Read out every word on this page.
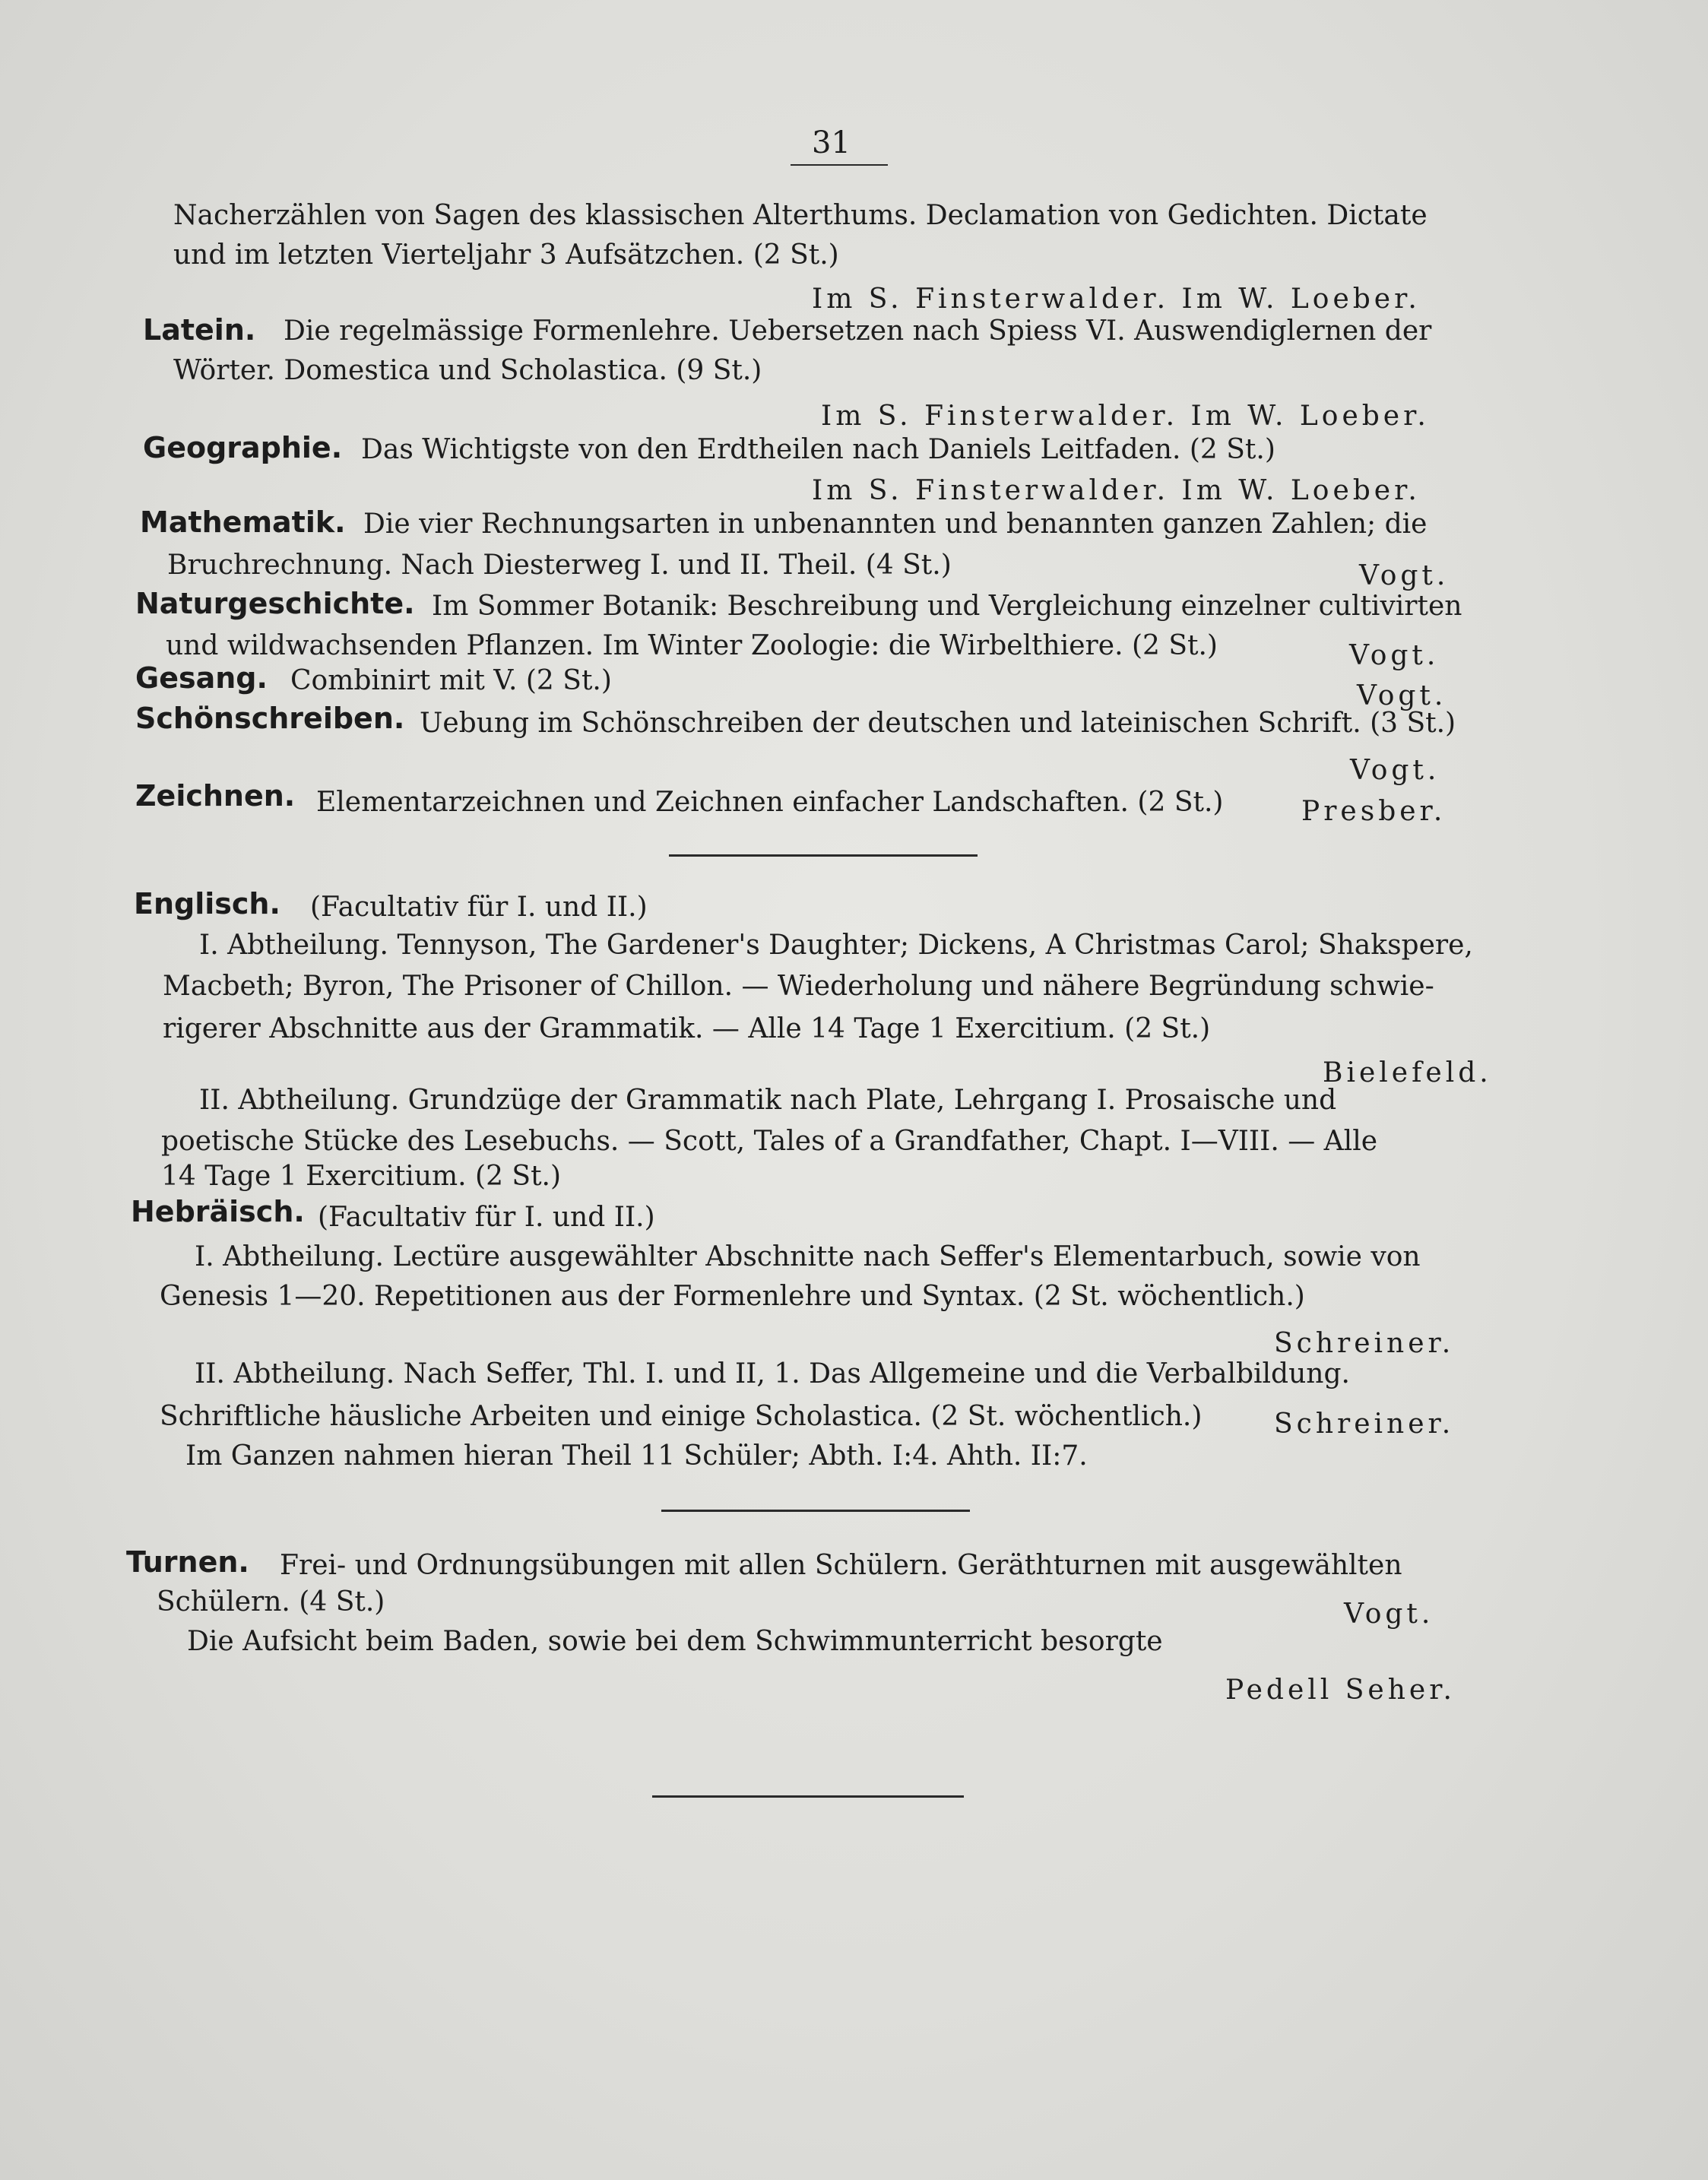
31
Nacherzählen von Sagen des klassischen Alterthums. Declamation von Gedichten. Dictate
und im letzten Vierteljahr 3 Aufsätzchen. (2 St.)
Im S. Finsterwalder. Im W. Loeber.
Latein. Die regelmässige Formenlehre. Uebersetzen nach Spiess VI. Auswendiglernen der
Wörter. Domestica und Scholastica. (9 St.)
Im S. Finsterwalder. Im W. Loeber.
Geographie. Das Wichtigste von den Erdtheilen nach Daniels Leitfaden. (2 St.)
Im S. Finsterwalder. Im W. Loeber.
Mathematik. Die vier Rechnungsarten in unbenannten und benannten ganzen Zahlen; die
Bruchrechnung. Nach Diesterweg I. und II. Theil. (4 St.)	Vogt.
Naturgeschichte. Im Sommer Botanik: Beschreibung und Vergleichung einzelner cultivirten
und wildwachsenden Pflanzen. Im Winter Zoologie: die Wirbelthiere. (2 St.)	Vogt.
Gesang. Combinirt mit V. (2 St.)	Vogt.
Schönschreiben. Uebung im Schönschreiben der deutschen und lateinischen Schrift. (3 St.)
Vogt.
Zeichnen. Elementarzeichnen und Zeichnen einfacher Landschaften. (2 St.)	Presber.
Englisch. (Facultativ für I. und II.)
I. Abtheilung. Tennyson, The Gardener's Daughter; Dickens, A Christmas Carol; Shakspere,
Macbeth; Byron, The Prisoner of Chillon. — Wiederholung und nähere Begründung schwie-
rigerer Abschnitte aus der Grammatik. — Alle 14 Tage 1 Exercitium. (2 St.)
Bielefeld.
II. Abtheilung. Grundzüge der Grammatik nach Plate, Lehrgang I. Prosaische und
poetische Stücke des Lesebuchs. — Scott, Tales of a Grandfather, Chapt. I—VIII. — Alle
14 Tage 1 Exercitium. (2 St.)
Hebräisch. (Facultativ für I. und II.)
I. Abtheilung. Lectüre ausgewählter Abschnitte nach Seffer's Elementarbuch, sowie von
Genesis 1—20. Repetitionen aus der Formenlehre und Syntax. (2 St. wöchentlich.)
Schreiner.
II. Abtheilung. Nach Seffer, Thl. I. und II, 1. Das Allgemeine und die Verbalbildung.
Schriftliche häusliche Arbeiten und einige Scholastica. (2 St. wöchentlich.)	Schreiner.
Im Ganzen nahmen hieran Theil 11 Schüler; Abth. I:4. Ahth. II:7.
Turnen. Frei- und Ordnungsübungen mit allen Schülern. Geräthturnen mit ausgewählten
Schülern. (4 St.)	Vogt.
Die Aufsicht beim Baden, sowie bei dem Schwimmunterricht besorgte
Pedell Seher.
